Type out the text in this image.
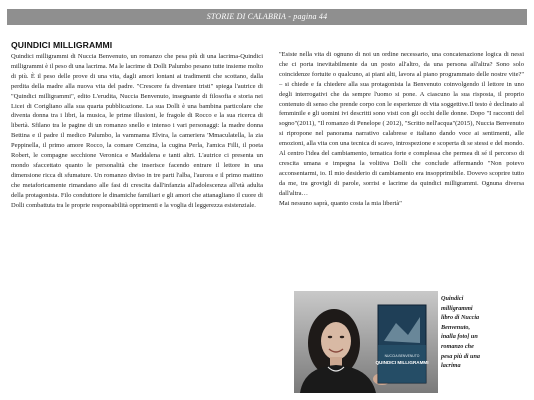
STORIE DI CALABRIA - pagina 44
QUINDICI MILLIGRAMMI
Quindici milligrammi di Nuccia Benvenuto, un romanzo che pesa più di una lacrima-Quindici milligrammi è il peso di una lacrima. Ma le lacrime di Dolli Palumbo pesano tutte insieme molto di più. È il peso delle prove di una vita, dagli amori lontani ai tradimenti che scottano, dalla perdita della madre alla nuova vita del padre. "Crescere fa diventare tristi" spiega l'autrice di "Quindici milligrammi", edito L'erudita, Nuccia Benvenuto, insegnante di filosofia e storia nei Licei di Corigliano alla sua quarta pubblicazione. La sua Dolli è una bambina particolare che diventa donna tra i libri, la musica, le prime illusioni, le fragole di Rocco e la sua ricerca di libertà. Sfilano tra le pagine di un romanzo snello e intenso i vari personaggi: la madre donna Bettina e il padre il medico Palumbo, la vammama Elvira, la cameriera 'Mmaculatella, la zia Peppinella, il primo amore Rocco, la comare Cenzina, la cugina Perla, l'amica Filli, il poeta Robert, le compagne secchione Veronica e Maddalena e tanti altri. L'autrice ci presenta un mondo sfaccettato quanto le personalità che inserisce facendo entrare il lettore in una dimensione ricca di sfumature. Un romanzo diviso in tre parti l'alba, l'aurora e il primo mattino che metaforicamente rimandano alle fasi di crescita dall'infanzia all'adolescenza all'età adulta della protagonista. Filo conduttore le dinamiche familiari e gli amori che attanagliano il cuore di Dolli combattuta tra le proprie responsabilità opprimenti e la voglia di leggerezza esistenziale.
"Esiste nella vita di ognuno di noi un ordine necessario, una concatenazione logica di nessi che ci porta inevitabilmente da un posto all'altro, da una persona all'altra? Sono solo coincidenze fortuite o qualcuno, ai piani alti, lavora al piano programmato delle nostre vite?" – si chiede e fa chiedere alla sua protagonista la Benvenuto coinvolgendo il lettore in uno degli interrogativi che da sempre l'uomo si pone. A ciascuno la sua risposta, il proprio contenuto di senso che prende corpo con le esperienze di vita soggettive.Il testo è declinato al femminile e gli uomini ivi descritti sono visti con gli occhi delle donne. Dopo "I racconti del sogno"(2011), "Il romanzo di Penelope ( 2012), "Scritto nell'acqua"(2015), Nuccia Benvenuto si ripropone nel panorama narrativo calabrese e italiano dando voce ai sentimenti, alle emozioni, alla vita con una tecnica di scavo, introspezione e scoperta di se stessi e del mondo. Al centro l'idea del cambiamento, tematica forte e complessa che permea di sé il percorso di crescita umana e impegna la volitiva Dolli che conclude affermando "Non potevo acconsentarmi, io. Il mio desiderio di cambiamento era insopprimibile. Dovevo scoprire tutto da me, tra grovigli di parole, sorrisi e lacrime da quindici milligrammi. Ognuna diversa dall'altra…
Mai nessuno saprà, quanto costa la mia libertà"
NUCCIA BENVENUTO
QUINDICI MILLIGRAMMI
Quindici milligrammi libro di Nuccia Benvenuto, inalla foto] un romanzo che pesa più di una lacrima
